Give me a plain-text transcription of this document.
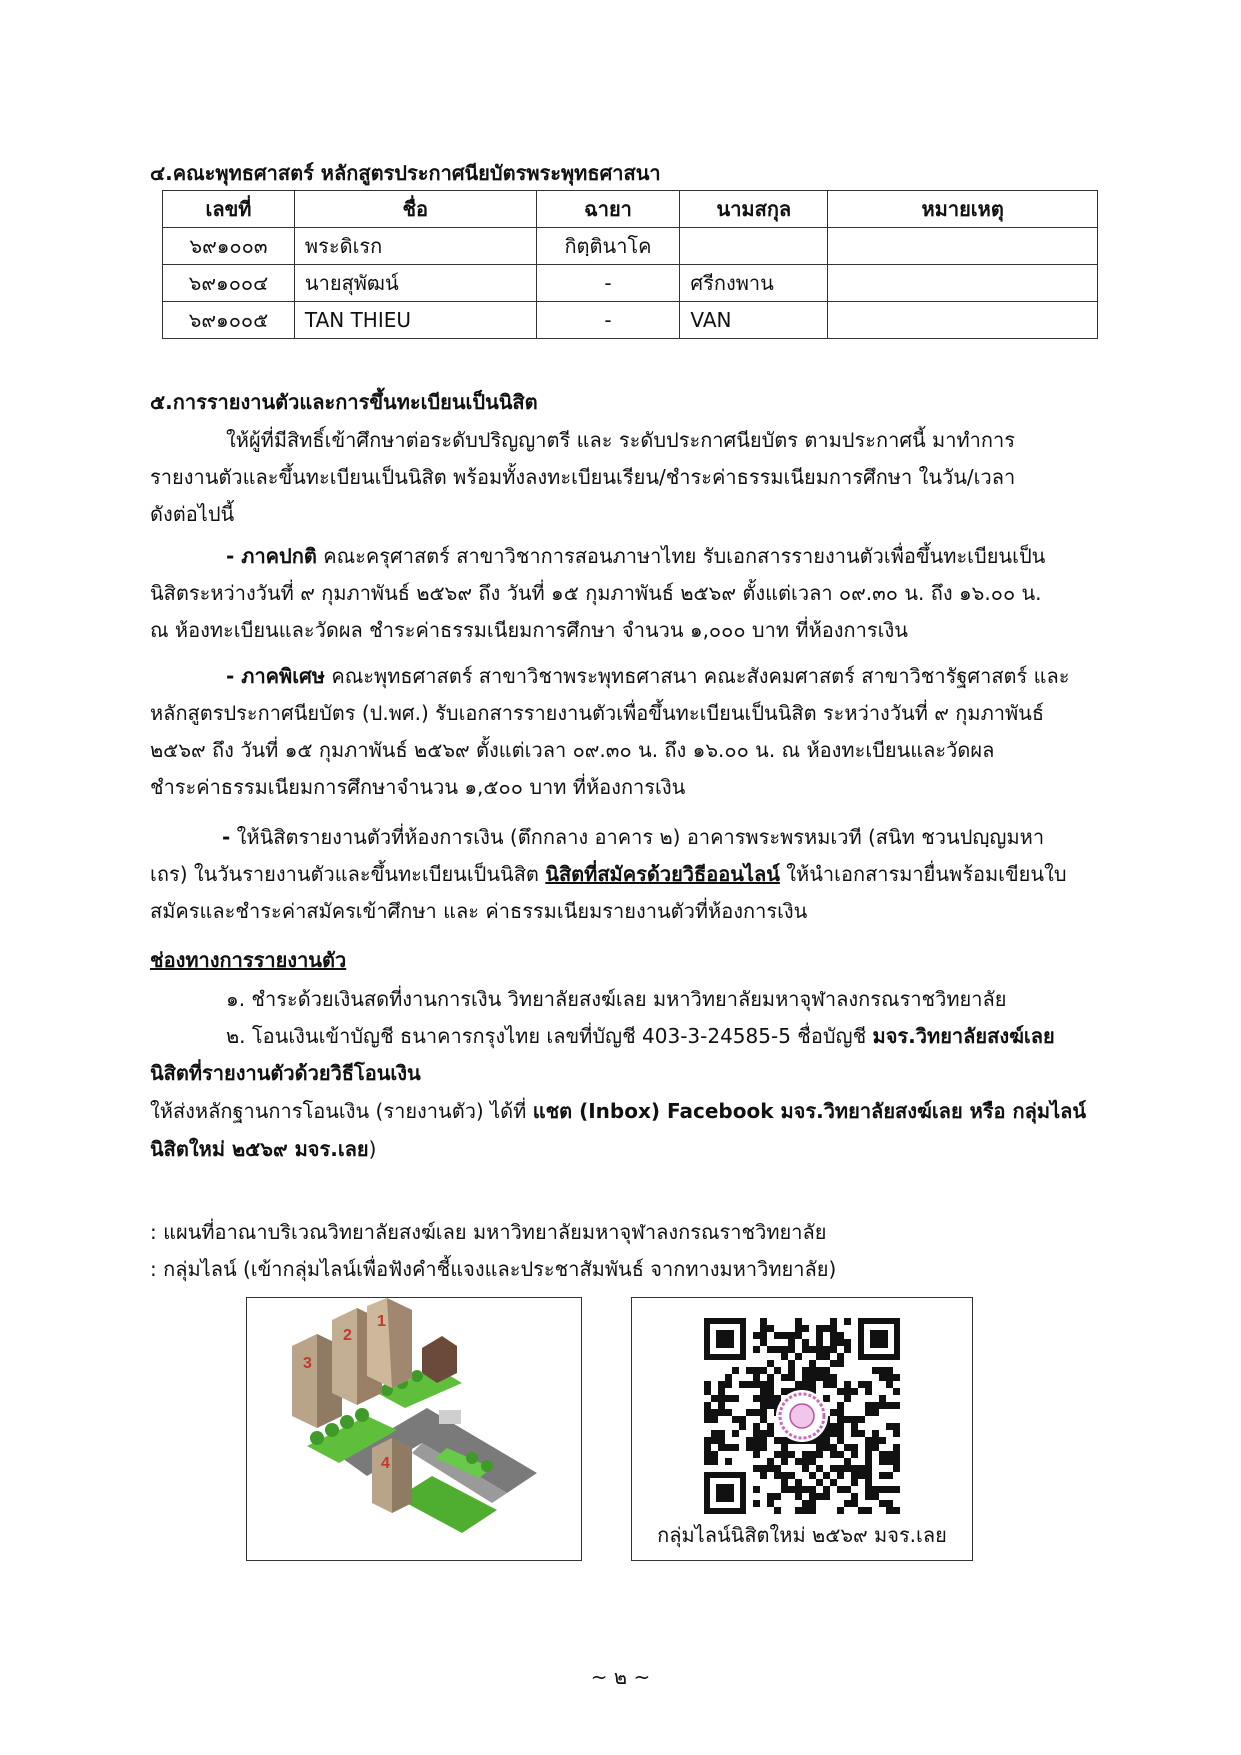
๔.คณะพุทธศาสตร์ หลักสูตรประกาศนียบัตรพระพุทธศาสนา
เลขที่	ชื่อ	ฉายา	นามสกุล	หมายเหตุ
๖๙๑๐๐๓	พระดิเรก	กิตฺตินาโค		
๖๙๑๐๐๔	นายสุพัฒน์	-	ศรีกงพาน	
๖๙๑๐๐๕	TAN THIEU	-	VAN	
๕.การรายงานตัวและการขึ้นทะเบียนเป็นนิสิต
ให้ผู้ที่มีสิทธิ์เข้าศึกษาต่อระดับปริญญาตรี และ ระดับประกาศนียบัตร ตามประกาศนี้ มาทำการ
รายงานตัวและขึ้นทะเบียนเป็นนิสิต พร้อมทั้งลงทะเบียนเรียน/ชำระค่าธรรมเนียมการศึกษา ในวัน/เวลา
ดังต่อไปนี้
- ภาคปกติ คณะครุศาสตร์ สาขาวิชาการสอนภาษาไทย รับเอกสารรายงานตัวเพื่อขึ้นทะเบียนเป็น
นิสิตระหว่างวันที่ ๙ กุมภาพันธ์ ๒๕๖๙ ถึง วันที่ ๑๕ กุมภาพันธ์ ๒๕๖๙ ตั้งแต่เวลา ๐๙.๓๐ น. ถึง ๑๖.๐๐ น.
ณ ห้องทะเบียนและวัดผล ชำระค่าธรรมเนียมการศึกษา จำนวน ๑,๐๐๐ บาท ที่ห้องการเงิน
- ภาคพิเศษ คณะพุทธศาสตร์ สาขาวิชาพระพุทธศาสนา คณะสังคมศาสตร์ สาขาวิชารัฐศาสตร์ และ
หลักสูตรประกาศนียบัตร (ป.พศ.) รับเอกสารรายงานตัวเพื่อขึ้นทะเบียนเป็นนิสิต ระหว่างวันที่ ๙ กุมภาพันธ์
๒๕๖๙ ถึง วันที่ ๑๕ กุมภาพันธ์ ๒๕๖๙ ตั้งแต่เวลา ๐๙.๓๐ น. ถึง ๑๖.๐๐ น. ณ ห้องทะเบียนและวัดผล
ชำระค่าธรรมเนียมการศึกษาจำนวน ๑,๕๐๐ บาท ที่ห้องการเงิน
- ให้นิสิตรายงานตัวที่ห้องการเงิน (ตึกกลาง อาคาร ๒) อาคารพระพรหมเวที (สนิท ชวนปญฺญมหา
เถร) ในวันรายงานตัวและขึ้นทะเบียนเป็นนิสิต นิสิตที่สมัครด้วยวิธีออนไลน์ ให้นำเอกสารมายื่นพร้อมเขียนใบ
สมัครและชำระค่าสมัครเข้าศึกษา และ ค่าธรรมเนียมรายงานตัวที่ห้องการเงิน
ช่องทางการรายงานตัว
๑. ชำระด้วยเงินสดที่งานการเงิน วิทยาลัยสงฆ์เลย มหาวิทยาลัยมหาจุฬาลงกรณราชวิทยาลัย
๒. โอนเงินเข้าบัญชี ธนาคารกรุงไทย เลขที่บัญชี 403-3-24585-5 ชื่อบัญชี มจร.วิทยาลัยสงฆ์เลย
นิสิตที่รายงานตัวด้วยวิธีโอนเงิน
ให้ส่งหลักฐานการโอนเงิน (รายงานตัว) ได้ที่ แชต (Inbox) Facebook มจร.วิทยาลัยสงฆ์เลย หรือ กลุ่มไลน์
นิสิตใหม่ ๒๕๖๙ มจร.เลย)
: แผนที่อาณาบริเวณวิทยาลัยสงฆ์เลย มหาวิทยาลัยมหาจุฬาลงกรณราชวิทยาลัย
: กลุ่มไลน์ (เข้ากลุ่มไลน์เพื่อฟังคำชี้แจงและประชาสัมพันธ์ จากทางมหาวิทยาลัย)
3
2
1
4
กลุ่มไลน์นิสิตใหม่ ๒๕๖๙ มจร.เลย
~ ๒ ~
